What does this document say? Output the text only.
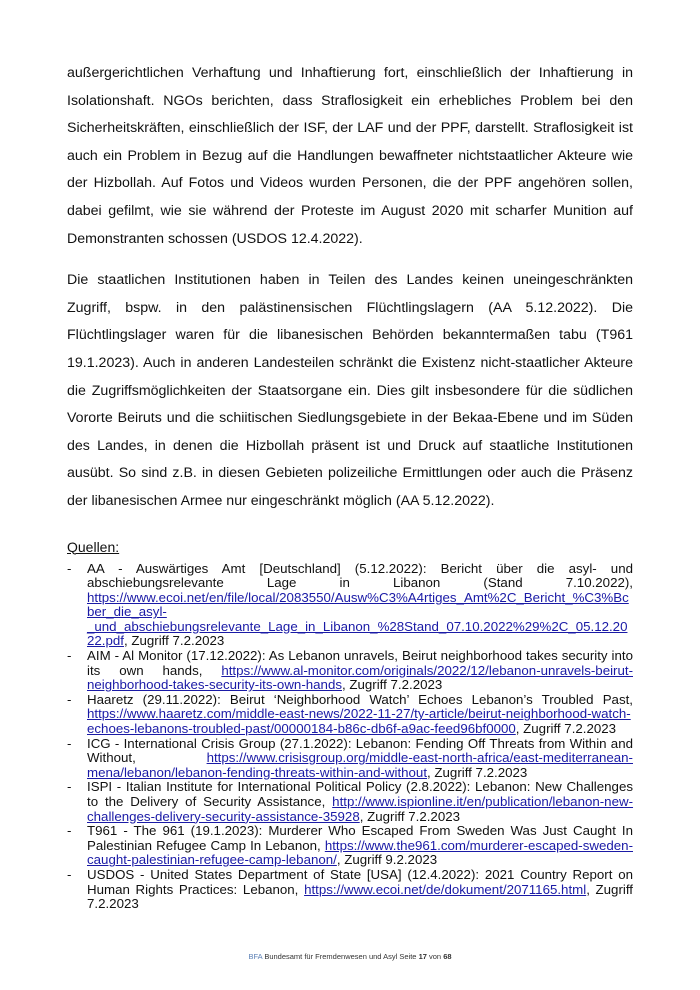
außergerichtlichen Verhaftung und Inhaftierung fort, einschließlich der Inhaftierung in Isolationshaft. NGOs berichten, dass Straflosigkeit ein erhebliches Problem bei den Sicherheitskräften, einschließlich der ISF, der LAF und der PPF, darstellt. Straflosigkeit ist auch ein Problem in Bezug auf die Handlungen bewaffneter nichtstaatlicher Akteure wie der Hizbollah. Auf Fotos und Videos wurden Personen, die der PPF angehören sollen, dabei gefilmt, wie sie während der Proteste im August 2020 mit scharfer Munition auf Demonstranten schossen (USDOS 12.4.2022).

Die staatlichen Institutionen haben in Teilen des Landes keinen uneingeschränkten Zugriff, bspw. in den palästinensischen Flüchtlingslagern (AA 5.12.2022). Die Flüchtlingslager waren für die libanesischen Behörden bekanntermaßen tabu (T961 19.1.2023). Auch in anderen Landesteilen schränkt die Existenz nicht-staatlicher Akteure die Zugriffsmöglichkeiten der Staatsorgane ein. Dies gilt insbesondere für die südlichen Vororte Beiruts und die schiitischen Siedlungsgebiete in der Bekaa-Ebene und im Süden des Landes, in denen die Hizbollah präsent ist und Druck auf staatliche Institutionen ausübt. So sind z.B. in diesen Gebieten polizeiliche Ermittlungen oder auch die Präsenz der libanesischen Armee nur eingeschränkt möglich (AA 5.12.2022).

Quellen:

- AA - Auswärtiges Amt [Deutschland] (5.12.2022): Bericht über die asyl- und abschiebungsrelevante Lage in Libanon (Stand 7.10.2022), https://www.ecoi.net/en/file/local/2083550/Ausw%C3%A4rtiges_Amt%2C_Bericht_%C3%Bcber_die_asyl-_und_abschiebungsrelevante_Lage_in_Libanon_%28Stand_07.10.2022%29%2C_05.12.2022.pdf, Zugriff 7.2.2023
- AIM - Al Monitor (17.12.2022): As Lebanon unravels, Beirut neighborhood takes security into its own hands, https://www.al-monitor.com/originals/2022/12/lebanon-unravels-beirut-neighborhood-takes-security-its-own-hands, Zugriff 7.2.2023
- Haaretz (29.11.2022): Beirut ‘Neighborhood Watch’ Echoes Lebanon’s Troubled Past, https://www.haaretz.com/middle-east-news/2022-11-27/ty-article/beirut-neighborhood-watch-echoes-lebanons-troubled-past/00000184-b86c-db6f-a9ac-feed96bf0000, Zugriff 7.2.2023
- ICG - International Crisis Group (27.1.2022): Lebanon: Fending Off Threats from Within and Without,	https://www.crisisgroup.org/middle-east-north-africa/east-mediterranean-mena/lebanon/lebanon-fending-threats-within-and-without, Zugriff 7.2.2023
- ISPI - Italian Institute for International Political Policy (2.8.2022): Lebanon: New Challenges to the Delivery of Security Assistance, http://www.ispionline.it/en/publication/lebanon-new-challenges-delivery-security-assistance-35928, Zugriff 7.2.2023
- T961 - The 961 (19.1.2023): Murderer Who Escaped From Sweden Was Just Caught In Palestinian Refugee Camp In Lebanon, https://www.the961.com/murderer-escaped-sweden-caught-palestinian-refugee-camp-lebanon/, Zugriff 9.2.2023
- USDOS - United States Department of State [USA] (12.4.2022): 2021 Country Report on Human Rights Practices: Lebanon, https://www.ecoi.net/de/dokument/2071165.html, Zugriff 7.2.2023
BFA Bundesamt für Fremdenwesen und Asyl Seite 17 von 68
